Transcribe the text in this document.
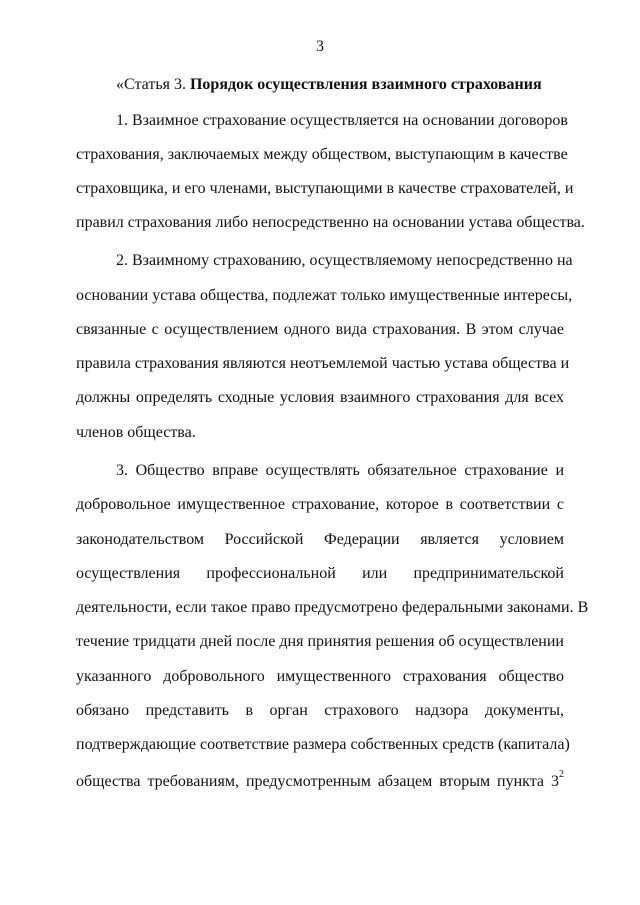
3
«Статья 3. Порядок осуществления взаимного страхования
1. Взаимное страхование осуществляется на основании договоров
страхования, заключаемых между обществом, выступающим в качестве
страховщика, и его членами, выступающими в качестве страхователей, и
правил страхования либо непосредственно на основании устава общества.
2. Взаимному страхованию, осуществляемому непосредственно на
основании устава общества, подлежат только имущественные интересы,
связанные с осуществлением одного вида страхования. В этом случае
правила страхования являются неотъемлемой частью устава общества и
должны определять сходные условия взаимного страхования для всех
членов общества.
3. Общество вправе осуществлять обязательное страхование и
добровольное имущественное страхование, которое в соответствии с
законодательством Российской Федерации является условием
осуществления профессиональной или предпринимательской
деятельности, если такое право предусмотрено федеральными законами. В
течение тридцати дней после дня принятия решения об осуществлении
указанного добровольного имущественного страхования общество
обязано представить в орган страхового надзора документы,
подтверждающие соответствие размера собственных средств (капитала)
общества требованиям, предусмотренным абзацем вторым пункта $3^2$
